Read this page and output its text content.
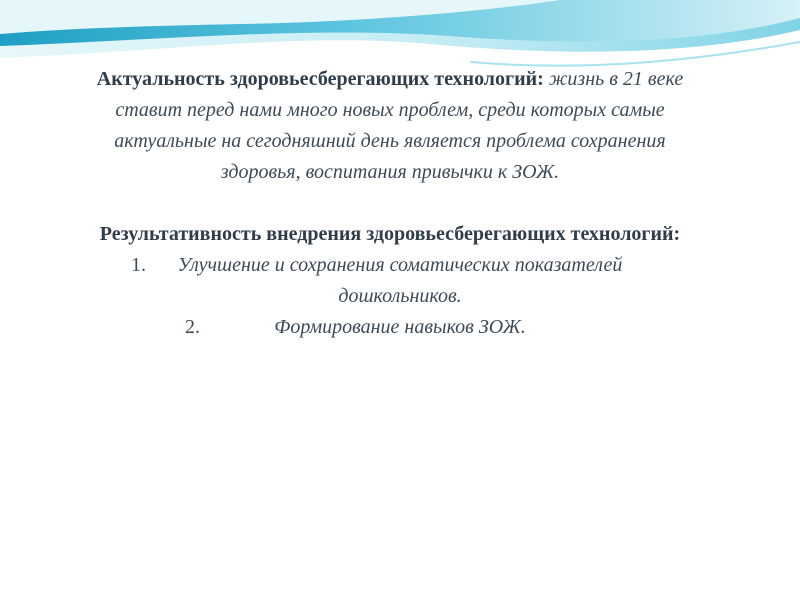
Актуальность здоровьесберегающих технологий: жизнь в 21 веке ставит перед нами много новых проблем, среди которых самые актуальные на сегодняшний день является проблема сохранения здоровья, воспитания привычки к ЗОЖ.
Результативность внедрения здоровьесберегающих технологий:
1. Улучшение и сохранения соматических показателей дошкольников.
2.	Формирование навыков ЗОЖ.
